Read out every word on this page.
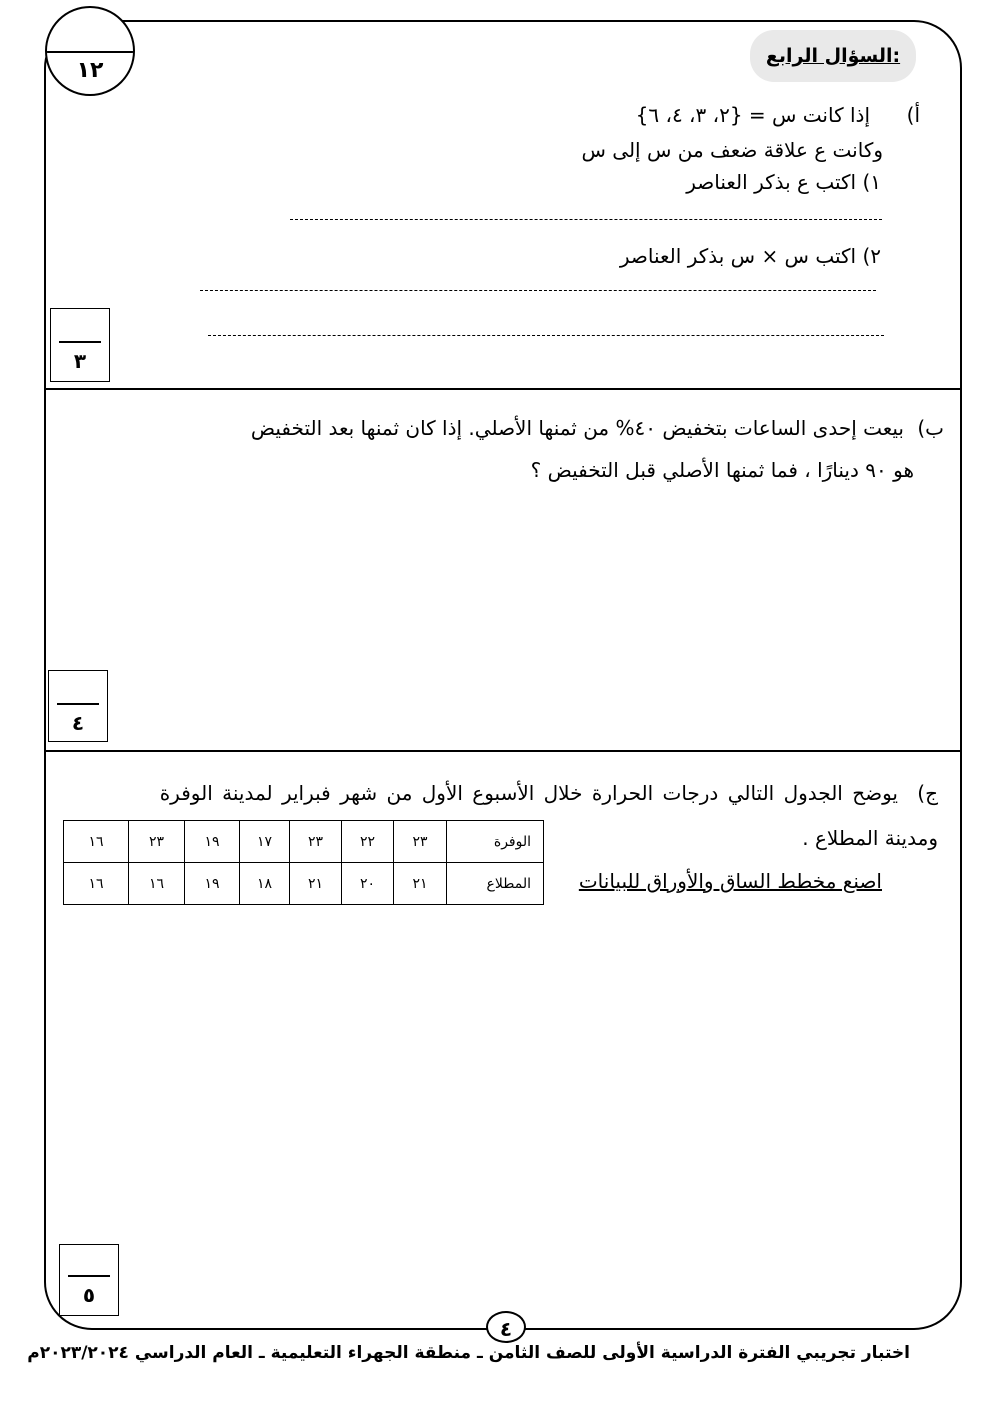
١٢
السؤال الرابع:
أ)
إذا كانت س = {٢، ٣، ٤، ٦}
وكانت ع علاقة ضعف من س إلى س
١) اكتب ع بذكر العناصر
٢) اكتب س × س بذكر العناصر
٣
ب)
بيعت إحدى الساعات بتخفيض ٤٠% من ثمنها الأصلي. إذا كان ثمنها بعد التخفيض
هو ٩٠ دينارًا ، فما ثمنها الأصلي قبل التخفيض ؟
٤
ج)
يوضح الجدول التالي درجات الحرارة خلال الأسبوع الأول من شهر فبراير لمدينة الوفرة
ومدينة المطلاع .
اصنع مخطط الساق والأوراق للبيانات
الوفرة	٢٣	٢٢	٢٣	١٧	١٩	٢٣	١٦
المطلاع	٢١	٢٠	٢١	١٨	١٩	١٦	١٦
٥
٤
اختبار تجريبي الفترة الدراسية الأولى للصف الثامن ـ منطقة الجهراء التعليمية ـ العام الدراسي ٢٠٢٣/٢٠٢٤م
